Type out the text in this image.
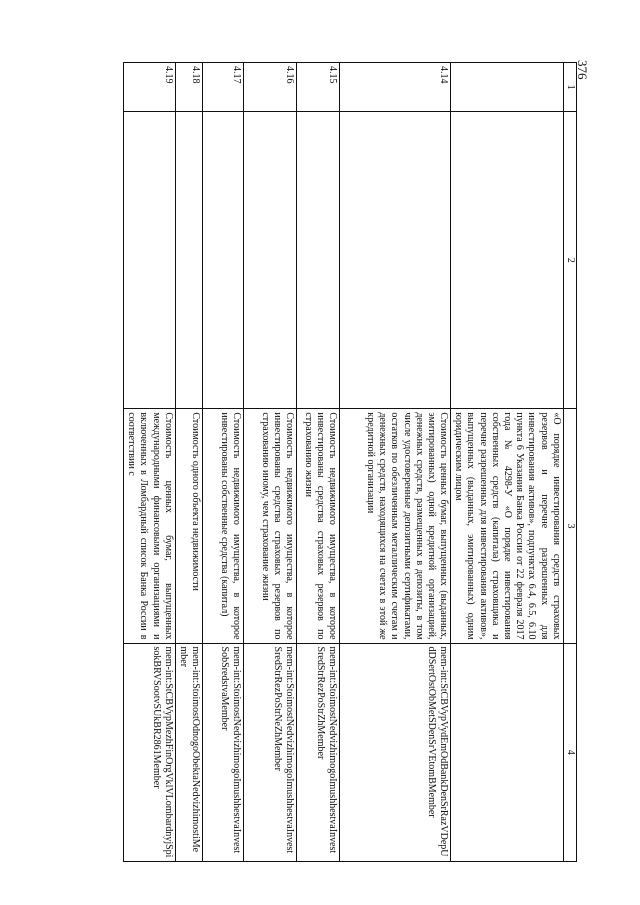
376
1	2	3	4
		«О порядке инвестирования средств страховых резервов и перечне разрешенных для инвестирования активов», подпунктах 6.4, 6.5, 6.10 пункта 6 Указания Банка России от 22 февраля 2017 года № 4298-У «О порядке инвестирования собственных средств (капитала) страховщика и перечне разрешенных для инвестирования активов», выпущенных (выданных, эмитированных) одним юридическим лицом	
4.14		Стоимость ценных бумаг, выпущенных (выданных, эмитированных) одной кредитной организацией, денежных средств, размещенных в депозиты, в том числе удостоверенные депозитными сертификатами, остатков по обезличенным металлическим счетам и денежных средств, находящихся на счетах в этой же кредитной организации	mem-int:StCBVypVydEmOdBankDenSrRazVDepUdDSertOstObMetSDenSrVEtomBMember
4.15		Стоимость недвижимого имущества, в которое инвестированы средства страховых резервов по страхованию жизни	mem-int:StoimostNedvizhimogoImushhestvaInvestSredStrRezPoStrZhMember
4.16		Стоимость недвижимого имущества, в которое инвестированы средства страховых резервов по страхованию иному, чем страхование жизни	mem-int:StoimostNedvizhimogoImushhestvaInvestSredStrRezPoStrNeZhMember
4.17		Стоимость недвижимого имущества, в которое инвестированы собственные средства (капитал)	mem-int:StoimostNedvizhimogoImushhestvaInvestSobSredstvaMember
4.18		Стоимость одного объекта недвижимости	mem-int:StoimostOdnogoObektaNedvizhimostiMember
4.19		Стоимость ценных бумаг, выпущенных международными финансовыми организациями и включенных в Ломбардный список Банка России в соответствии с	mem-int:StCBVypMezhFinOrgVklVLombardnyjSpisokBRVSootvSUkBR2861Member
